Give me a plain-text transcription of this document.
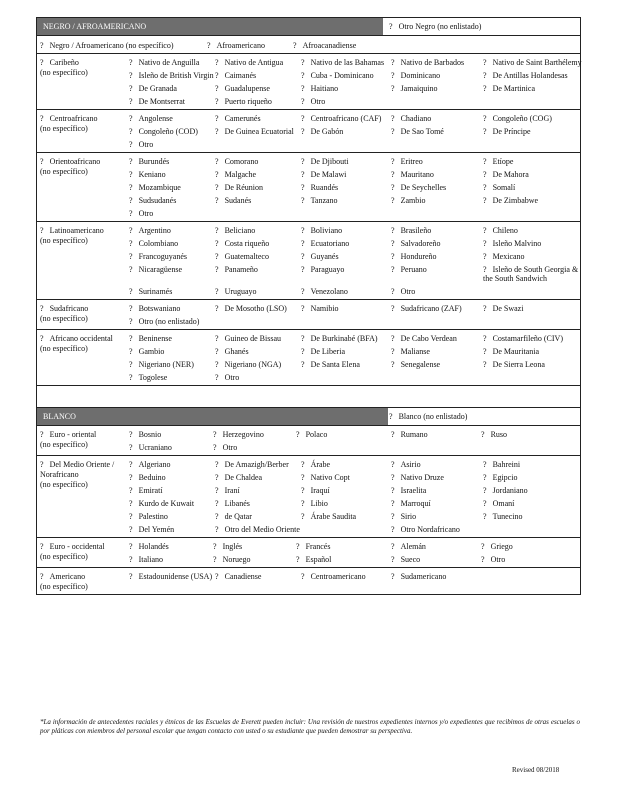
NEGRO / AFROAMERICANO	? Otro Negro (no enlistado)
? Negro / Afroamericano (no específico)	? Afroamericano	? Afroacanadiense
? Caribeño
(no específico)
? Nativo de Anguilla	? Nativo de Antigua	? Nativo de las Bahamas ? Nativo de Barbados	? Nativo de Saint Barthélemy
? Isleño de British Virgin ? Caimanés	? Cuba - Dominicano	? Dominicano	? De Antillas Holandesas
? De Granada	? Guadalupense	? Haitiano	? Jamaiquino	? De Martinica
? De Montserrat	? Puerto riqueño	? Otro
? Centroafricano
(no específico)
? Angolense	? Camerunés	? Centroafricano (CAF)	? Chadiano	? Congoleño (COG)
? Congoleño (COD)	? De Guinea Ecuatorial ? De Gabón	? De Sao Tomé	? De Príncipe
? Otro
? Orientoafricano
(no específico)
? Burundés	? Comorano	? De Djibouti	? Eritreo	? Etíope
? Keniano	? Malgache	? De Malawi	? Mauritano	? De Mahora
? Mozambique	? De Réunion	? Ruandés	? De Seychelles	? Somalí
? Sudsudanés	? Sudanés	? Tanzano	? Zambio	? De Zimbabwe
? Otro
? Latinoamericano
(no específico)
? Argentino	? Beliciano	? Boliviano	? Brasileño	? Chileno
? Colombiano	? Costa riqueño	? Ecuatoriano	? Salvadoreño	? Isleño Malvino
? Francoguyanés	? Guatemalteco	? Guyanés	? Hondureño	? Mexicano
? Nicaragüense	? Panameño	? Paraguayo	? Peruano	? Isleño de South Georgia & the South Sandwich
? Surinamés	? Uruguayo	? Venezolano	? Otro
? Sudafricano
(no específico)
? Botswaniano	? De Mosotho (LSO)	? Namibio	? Sudafricano (ZAF)	? De Swazi
? Otro (no enlistado)
? Africano occidental
(no específico)
? Beninense	? Guineo de Bissau	? De Burkinabé (BFA)	? De Cabo Verdean	? Costamarfileño (CIV)
? Gambio	? Ghanés	? De Liberia	? Malianse	? De Mauritania
? Nigeriano (NER)	? Nigeriano (NGA)	? De Santa Elena	? Senegalense	? De Sierra Leona
? Togolese	? Otro
BLANCO	? Blanco (no enlistado)
? Euro - oriental
(no específico)
? Bosnio	? Herzegovino	? Polaco	? Rumano	? Ruso
? Ucraniano	? Otro
? Del Medio Oriente / Norafricano
(no específico)
? Algeriano	? De Amazigh/Berber	? Árabe	? Asirio	? Bahreini
? Beduino	? De Chaldea	? Nativo Copt	? Nativo Druze	? Egipcio
? Emiratí	? Iraní	? Iraquí	? Israelita	? Jordaniano
? Kurdo de Kuwait	? Libanés	? Libio	? Marroquí	? Omaní
? Palestino	? de Qatar	? Árabe Saudita	? Sirio	? Tunecino
? Del Yemén	? Otro del Medio Oriente	? Otro Nordafricano
? Euro - occidental
(no específico)
? Holandés	? Inglés	? Francés	? Alemán	? Griego
? Italiano	? Noruego	? Español	? Sueco	? Otro
? Americano
(no específico)
? Estadounidense (USA) ? Canadiense	? Centroamericano	? Sudamericano
*La información de antecedentes raciales y étnicos de las Escuelas de Everett pueden incluir: Una revisión de nuestros expedientes internos y/o expedientes que recibimos de otras escuelas o por pláticas con miembros del personal escolar que tengan contacto con usted o su estudiante que pueden demostrar su perspectiva.
Revised 08/2018
